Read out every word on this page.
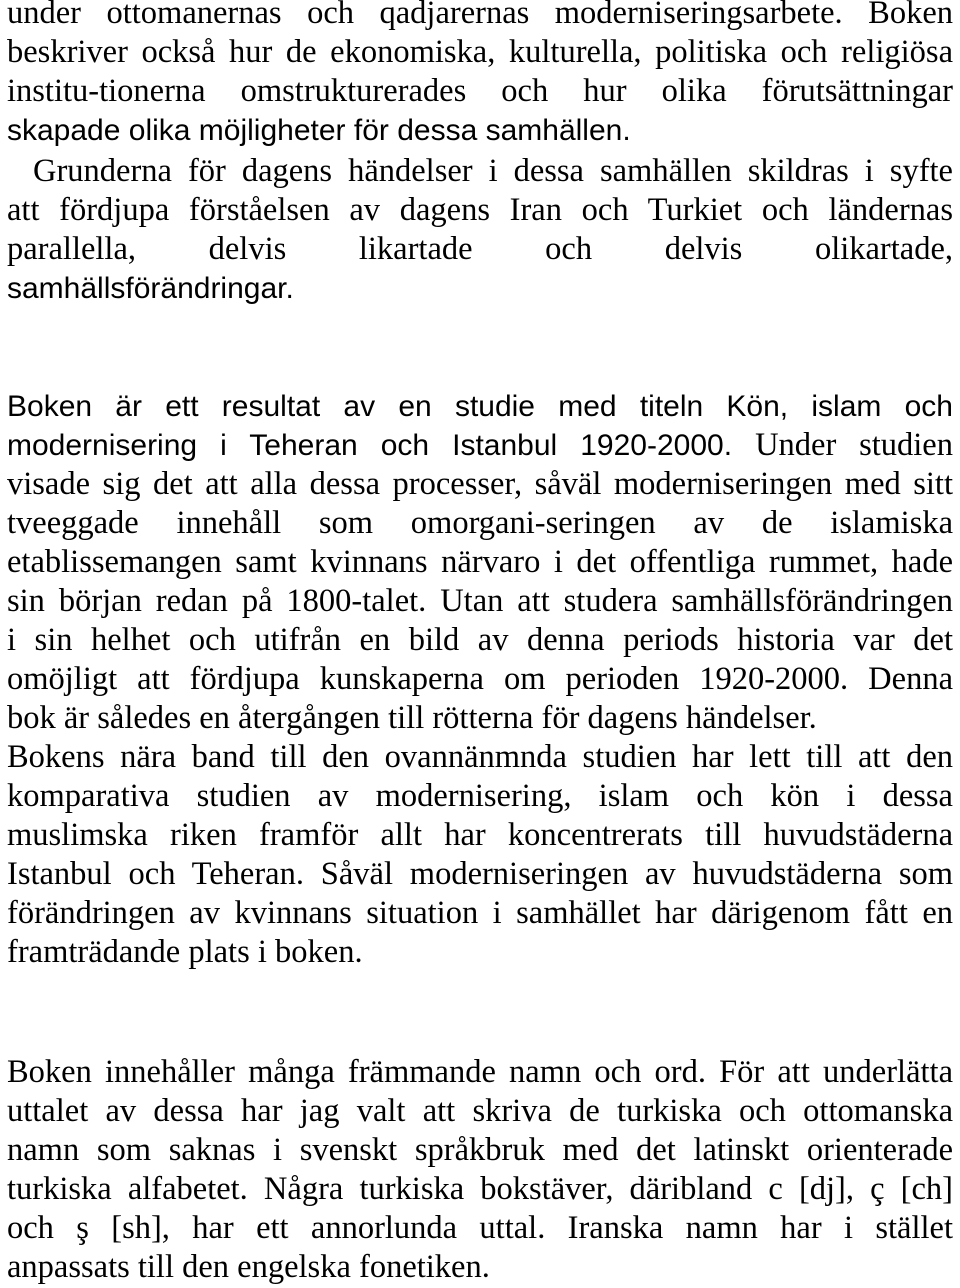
under ottomanernas och qadjarernas moderniseringsarbete. Boken
beskriver också hur de ekonomiska, kulturella, politiska och religiösa
institu-tionerna omstrukturerades och hur olika förutsättningar
skapade olika möjligheter för dessa samhällen.
Grunderna för dagens händelser i dessa samhällen skildras i syfte
att fördjupa förståelsen av dagens Iran och Turkiet och ländernas
parallella, delvis likartade och delvis olikartade,
samhällsförändringar.
Boken är ett resultat av en studie med titeln Kön, islam och
modernisering i Teheran och Istanbul 1920-2000. Under studien
visade sig det att alla dessa processer, såväl moderniseringen med sitt
tveeggade innehåll som omorgani-seringen av de islamiska
etablissemangen samt kvinnans närvaro i det offentliga rummet, hade
sin början redan på 1800-talet. Utan att studera samhällsförändringen
i sin helhet och utifrån en bild av denna periods historia var det
omöjligt att fördjupa kunskaperna om perioden 1920-2000. Denna
bok är således en återgången till rötterna för dagens händelser.
Bokens nära band till den ovannänmnda studien har lett till att den
komparativa studien av modernisering, islam och kön i dessa
muslimska riken framför allt har koncentrerats till huvudstäderna
Istanbul och Teheran. Såväl moderniseringen av huvudstäderna som
förändringen av kvinnans situation i samhället har därigenom fått en
framträdande plats i boken.
Boken innehåller många främmande namn och ord. För att underlätta
uttalet av dessa har jag valt att skriva de turkiska och ottomanska
namn som saknas i svenskt språkbruk med det latinskt orienterade
turkiska alfabetet. Några turkiska bokstäver, däribland c [dj], ç [ch]
och ş [sh], har ett annorlunda uttal. Iranska namn har i stället
anpassats till den engelska fonetiken.
